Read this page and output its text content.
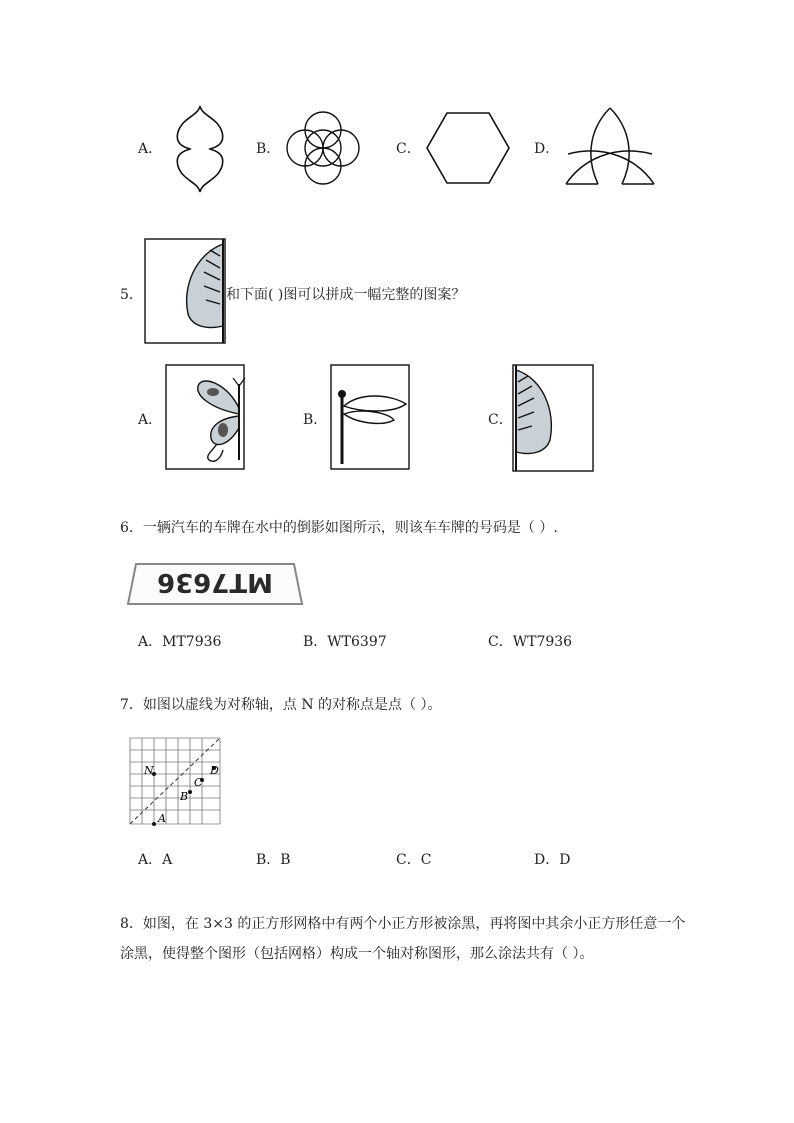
A．	B．	C．	D．
5．	和下面( )图可以拼成一幅完整的图案？
A．	B．	C．
6．一辆汽车的车牌在水中的倒影如图所示，则该车车牌的号码是（ ）.
MT7636
A．MT7936	B．WT6397	C．WT7936
7．如图以虚线为对称轴，点 N 的对称点是点（ ）。
N
A
B
C
D
A．A	B．B	C．C	D．D
8．如图，在 3×3 的正方形网格中有两个小正方形被涂黑，再将图中其余小正方形任意一个
涂黑，使得整个图形（包括网格）构成一个轴对称图形，那么涂法共有（ ）。
